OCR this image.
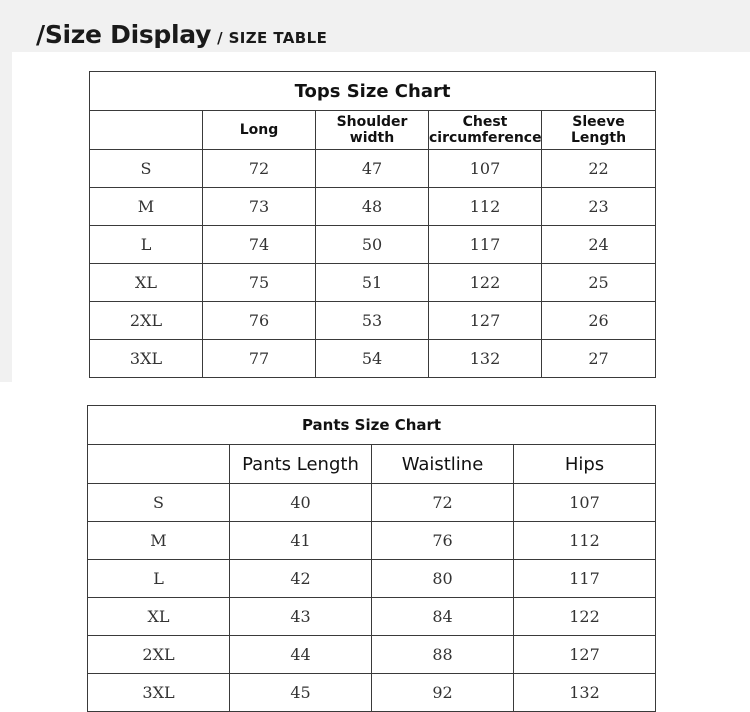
/Size Display / SIZE TABLE
Tops Size Chart				
	Long	Shoulder width	Chest circumference	Sleeve Length
S	72	47	107	22
M	73	48	112	23
L	74	50	117	24
XL	75	51	122	25
2XL	76	53	127	26
3XL	77	54	132	27
Pants Size Chart			
	Pants Length	Waistline	Hips
S	40	72	107
M	41	76	112
L	42	80	117
XL	43	84	122
2XL	44	88	127
3XL	45	92	132
